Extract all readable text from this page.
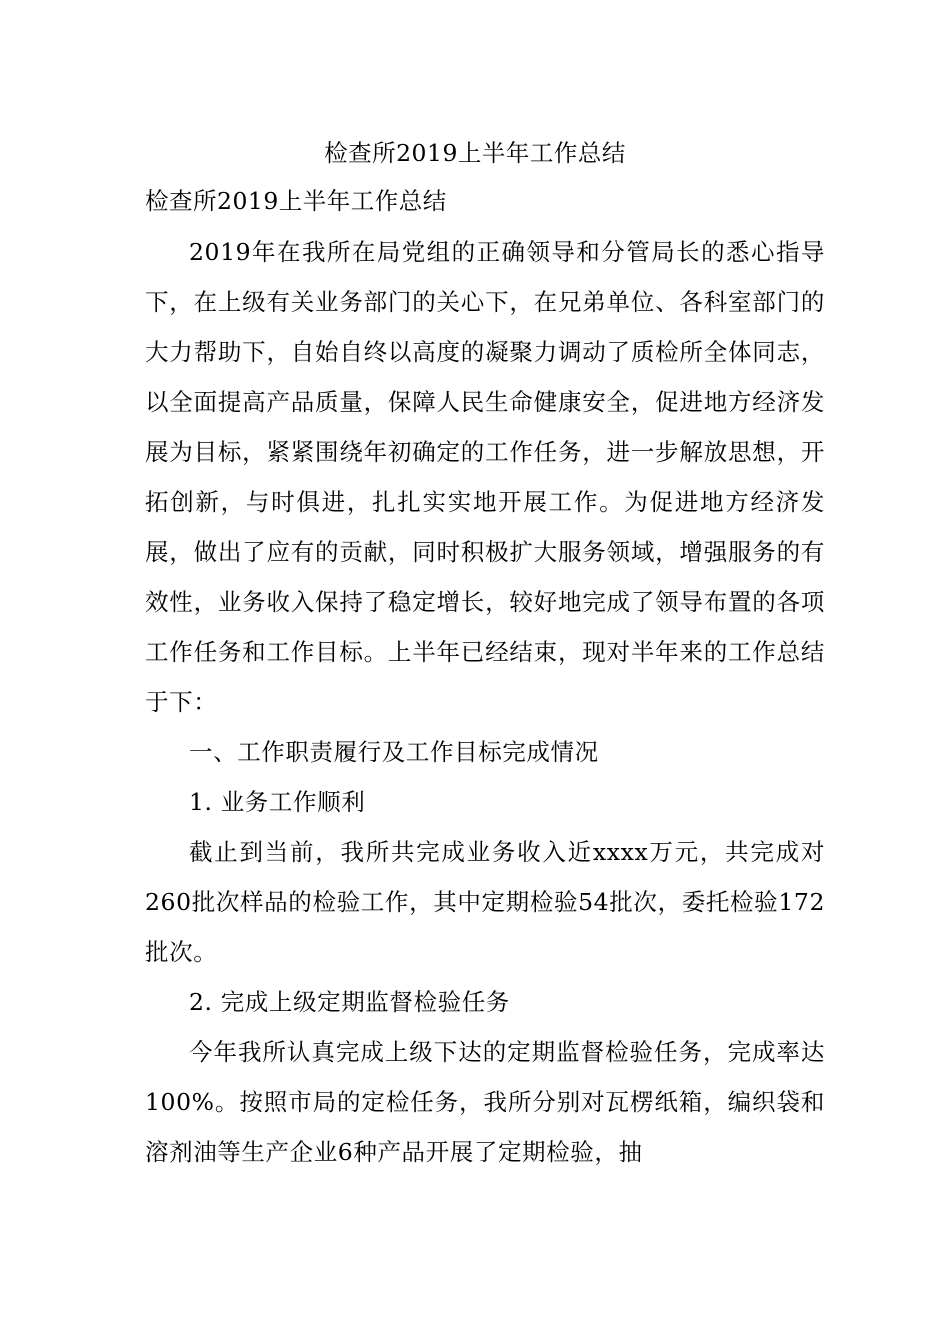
检查所2019上半年工作总结
检查所2019上半年工作总结

2019年在我所在局党组的正确领导和分管局长的悉心指导下，在上级有关业务部门的关心下，在兄弟单位、各科室部门的大力帮助下，自始自终以高度的凝聚力调动了质检所全体同志，以全面提高产品质量，保障人民生命健康安全，促进地方经济发展为目标，紧紧围绕年初确定的工作任务，进一步解放思想，开拓创新，与时俱进，扎扎实实地开展工作。为促进地方经济发展，做出了应有的贡献，同时积极扩大服务领域，增强服务的有效性，业务收入保持了稳定增长，较好地完成了领导布置的各项工作任务和工作目标。上半年已经结束，现对半年来的工作总结于下：

一、工作职责履行及工作目标完成情况

1. 业务工作顺利

截止到当前，我所共完成业务收入近xxxx万元，共完成对260批次样品的检验工作，其中定期检验54批次，委托检验172批次。

2. 完成上级定期监督检验任务

今年我所认真完成上级下达的定期监督检验任务，完成率达100%。按照市局的定检任务，我所分别对瓦楞纸箱，编织袋和溶剂油等生产企业6种产品开展了定期检验，抽
